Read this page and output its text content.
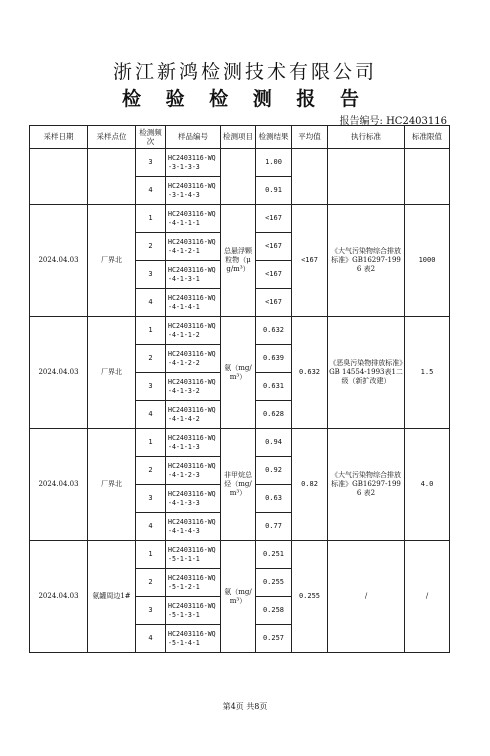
浙江新鸿检测技术有限公司
检 验 检 测 报 告
报告编号: HC2403116
采样日期	采样点位	检测频次	样品编号	检测项目	检测结果	平均值	执行标准	标准限值
		3	HC2403116-WQ-3-1-3-3		1.00			
		4	HC2403116-WQ-3-1-4-3		0.91			
2024.04.03	厂界北	1	HC2403116-WQ-4-1-1-1	总悬浮颗粒物（μg/m³）	<167	<167	《大气污染物综合排放标准》GB16297-1996 表2	1000
		2	HC2403116-WQ-4-1-2-1		<167			
		3	HC2403116-WQ-4-1-3-1		<167			
		4	HC2403116-WQ-4-1-4-1		<167			
2024.04.03	厂界北	1	HC2403116-WQ-4-1-1-2	氨（mg/m³）	0.632	0.632	《恶臭污染物排放标准》GB 14554-1993表1二级（新扩改建）	1.5
		2	HC2403116-WQ-4-1-2-2		0.639			
		3	HC2403116-WQ-4-1-3-2		0.631			
		4	HC2403116-WQ-4-1-4-2		0.628			
2024.04.03	厂界北	1	HC2403116-WQ-4-1-1-3	非甲烷总烃（mg/m³）	0.94	0.82	《大气污染物综合排放标准》GB16297-1996 表2	4.0
		2	HC2403116-WQ-4-1-2-3		0.92			
		3	HC2403116-WQ-4-1-3-3		0.63			
		4	HC2403116-WQ-4-1-4-3		0.77			
2024.04.03	氨罐周边1#	1	HC2403116-WQ-5-1-1-1	氨（mg/m³）	0.251	0.255	/	/
		2	HC2403116-WQ-5-1-2-1		0.255			
		3	HC2403116-WQ-5-1-3-1		0.258			
		4	HC2403116-WQ-5-1-4-1		0.257			
第4页 共8页
